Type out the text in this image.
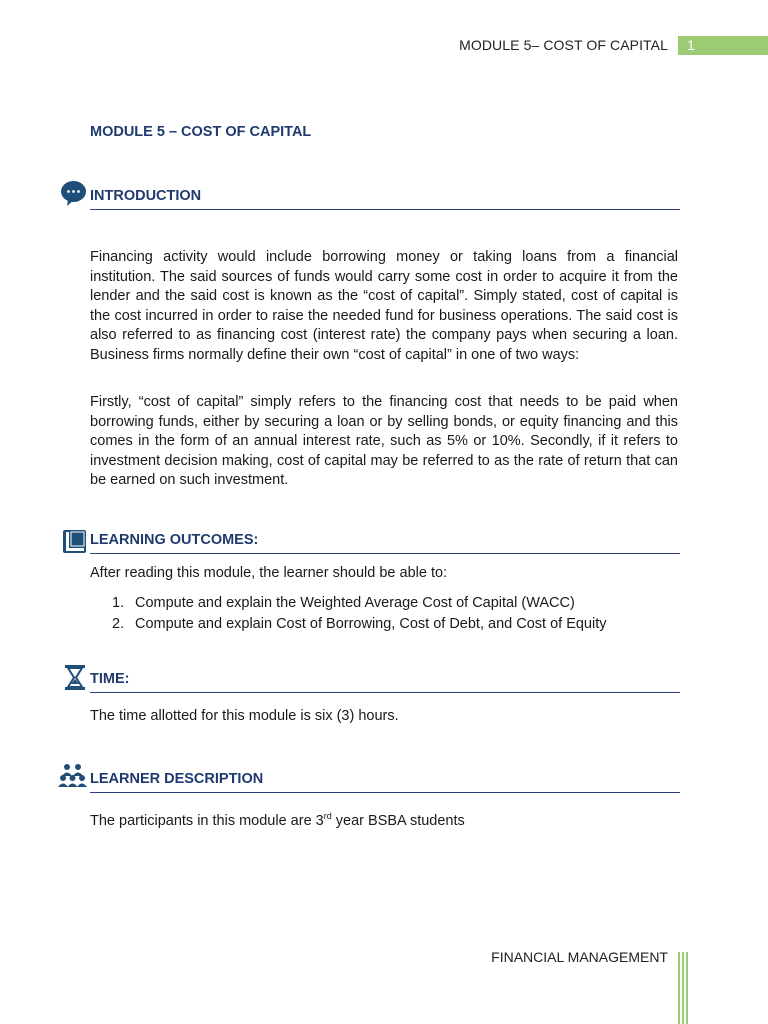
MODULE 5– COST OF CAPITAL	1
MODULE 5 – COST OF CAPITAL
INTRODUCTION

Financing activity would include borrowing money or taking loans from a financial institution. The said sources of funds would carry some cost in order to acquire it from the lender and the said cost is known as the “cost of capital”. Simply stated, cost of capital is the cost incurred in order to raise the needed fund for business operations. The said cost is also referred to as financing cost (interest rate) the company pays when securing a loan. Business firms normally define their own “cost of capital” in one of two ways:

Firstly, “cost of capital” simply refers to the financing cost that needs to be paid when borrowing funds, either by securing a loan or by selling bonds, or equity financing and this comes in the form of an annual interest rate, such as 5% or 10%. Secondly, if it refers to investment decision making, cost of capital may be referred to as the rate of return that can be earned on such investment.

LEARNING OUTCOMES:

After reading this module, the learner should be able to:

1. Compute and explain the Weighted Average Cost of Capital (WACC)
2. Compute and explain Cost of Borrowing, Cost of Debt, and Cost of Equity
TIME:

The time allotted for this module is six (3) hours.

LEARNER DESCRIPTION

The participants in this module are 3rd year BSBA students

FINANCIAL MANAGEMENT
